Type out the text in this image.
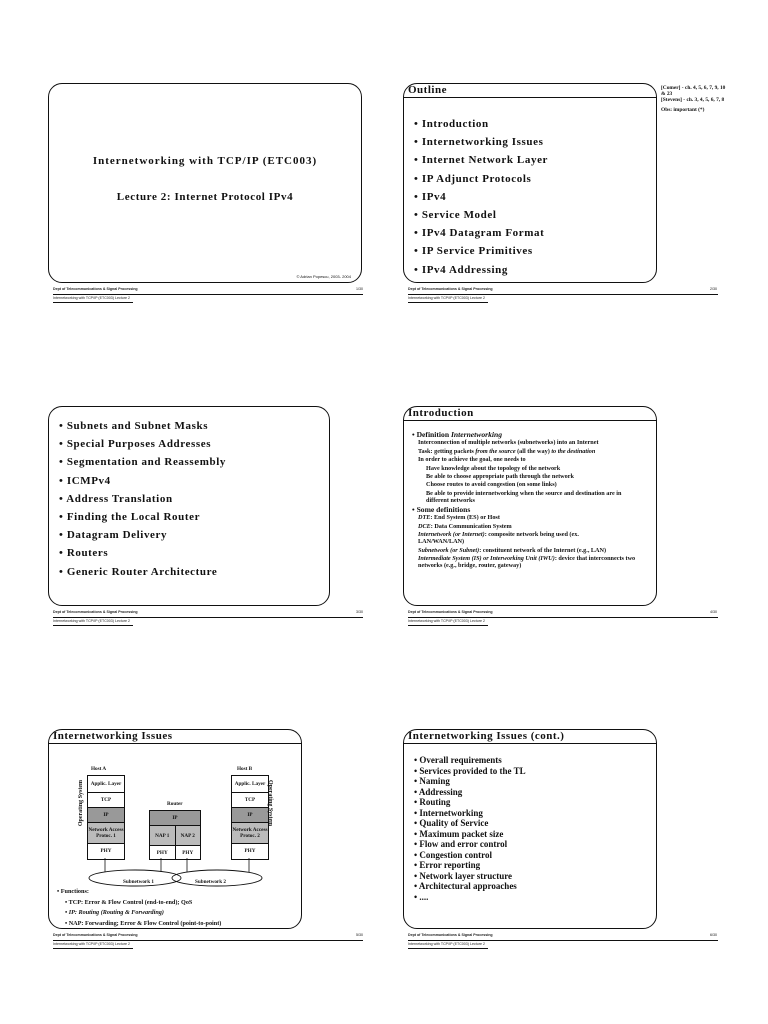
Internetworking with TCP/IP (ETC003)
Lecture 2: Internet Protocol IPv4
© Adrian Popescu, 2003- 2004
Dept of Telecommunications & Signal Processing
Internetworking with TCP/IP (ETC003) Lecture 2
1/30
Outline
• Introduction
• Internetworking Issues
• Internet Network Layer
• IP Adjunct Protocols
• IPv4
• Service Model
• IPv4 Datagram Format
• IP Service Primitives
• IPv4 Addressing
[Comer] - ch. 4, 5, 6, 7, 9, 10 & 23
[Stevens] - ch. 3, 4, 5, 6, 7, 8
Obs: important (*)
Dept of Telecommunications & Signal Processing
Internetworking with TCP/IP (ETC003) Lecture 2
2/30
• Subnets and Subnet Masks
• Special Purposes Addresses
• Segmentation and Reassembly
• ICMPv4
• Address Translation
• Finding the Local Router
• Datagram Delivery
• Routers
• Generic Router Architecture
Dept of Telecommunications & Signal Processing
Internetworking with TCP/IP (ETC003) Lecture 2
3/30
Introduction
• Definition Internetworking
Interconnection of multiple networks (subnetworks) into an Internet
Task: getting packets from the source (all the way) to the destination
In order to achieve the goal, one needs to
Have knowledge about the topology of the network
Be able to choose appropriate path through the network
Choose routes to avoid congestion (on some links)
Be able to provide internetworking when the source and destination are in different networks
• Some definitions
DTE: End System (ES) or Host
DCE: Data Communication System
Internetwork (or Internet): composite network being used (ex. LAN/WAN/LAN)
Subnetwork (or Subnet): constituent network of the Internet (e.g., LAN)
Intermediate System (IS) or Interworking Unit (IWU): device that interconnects two networks (e.g., bridge, router, gateway)
Dept of Telecommunications & Signal Processing
Internetworking with TCP/IP (ETC003) Lecture 2
4/30
Internetworking Issues
Host A
Operating System	Applic. Layer
TCP
IP
Network Access Protoc. 1
PHY
Router
IP
NAP 1	NAP 2
PHY	PHY
Host B
Applic. Layer
TCP
IP
Network Access Protoc. 2
PHY
Operating System
Subnetwork 1	Subnetwork 2
• Functions:
• TCP: Error & Flow Control (end-to-end); QoS
• IP: Routing (Routing & Forwarding)
• NAP: Forwarding; Error & Flow Control (point-to-point)
Dept of Telecommunications & Signal Processing
Internetworking with TCP/IP (ETC003) Lecture 2
5/30
Internetworking Issues (cont.)
• Overall requirements
• Services provided to the TL
• Naming
• Addressing
• Routing
• Internetworking
• Quality of Service
• Maximum packet size
• Flow and error control
• Congestion control
• Error reporting
• Network layer structure
• Architectural approaches
• ....
Dept of Telecommunications & Signal Processing
Internetworking with TCP/IP (ETC003) Lecture 2
6/30
